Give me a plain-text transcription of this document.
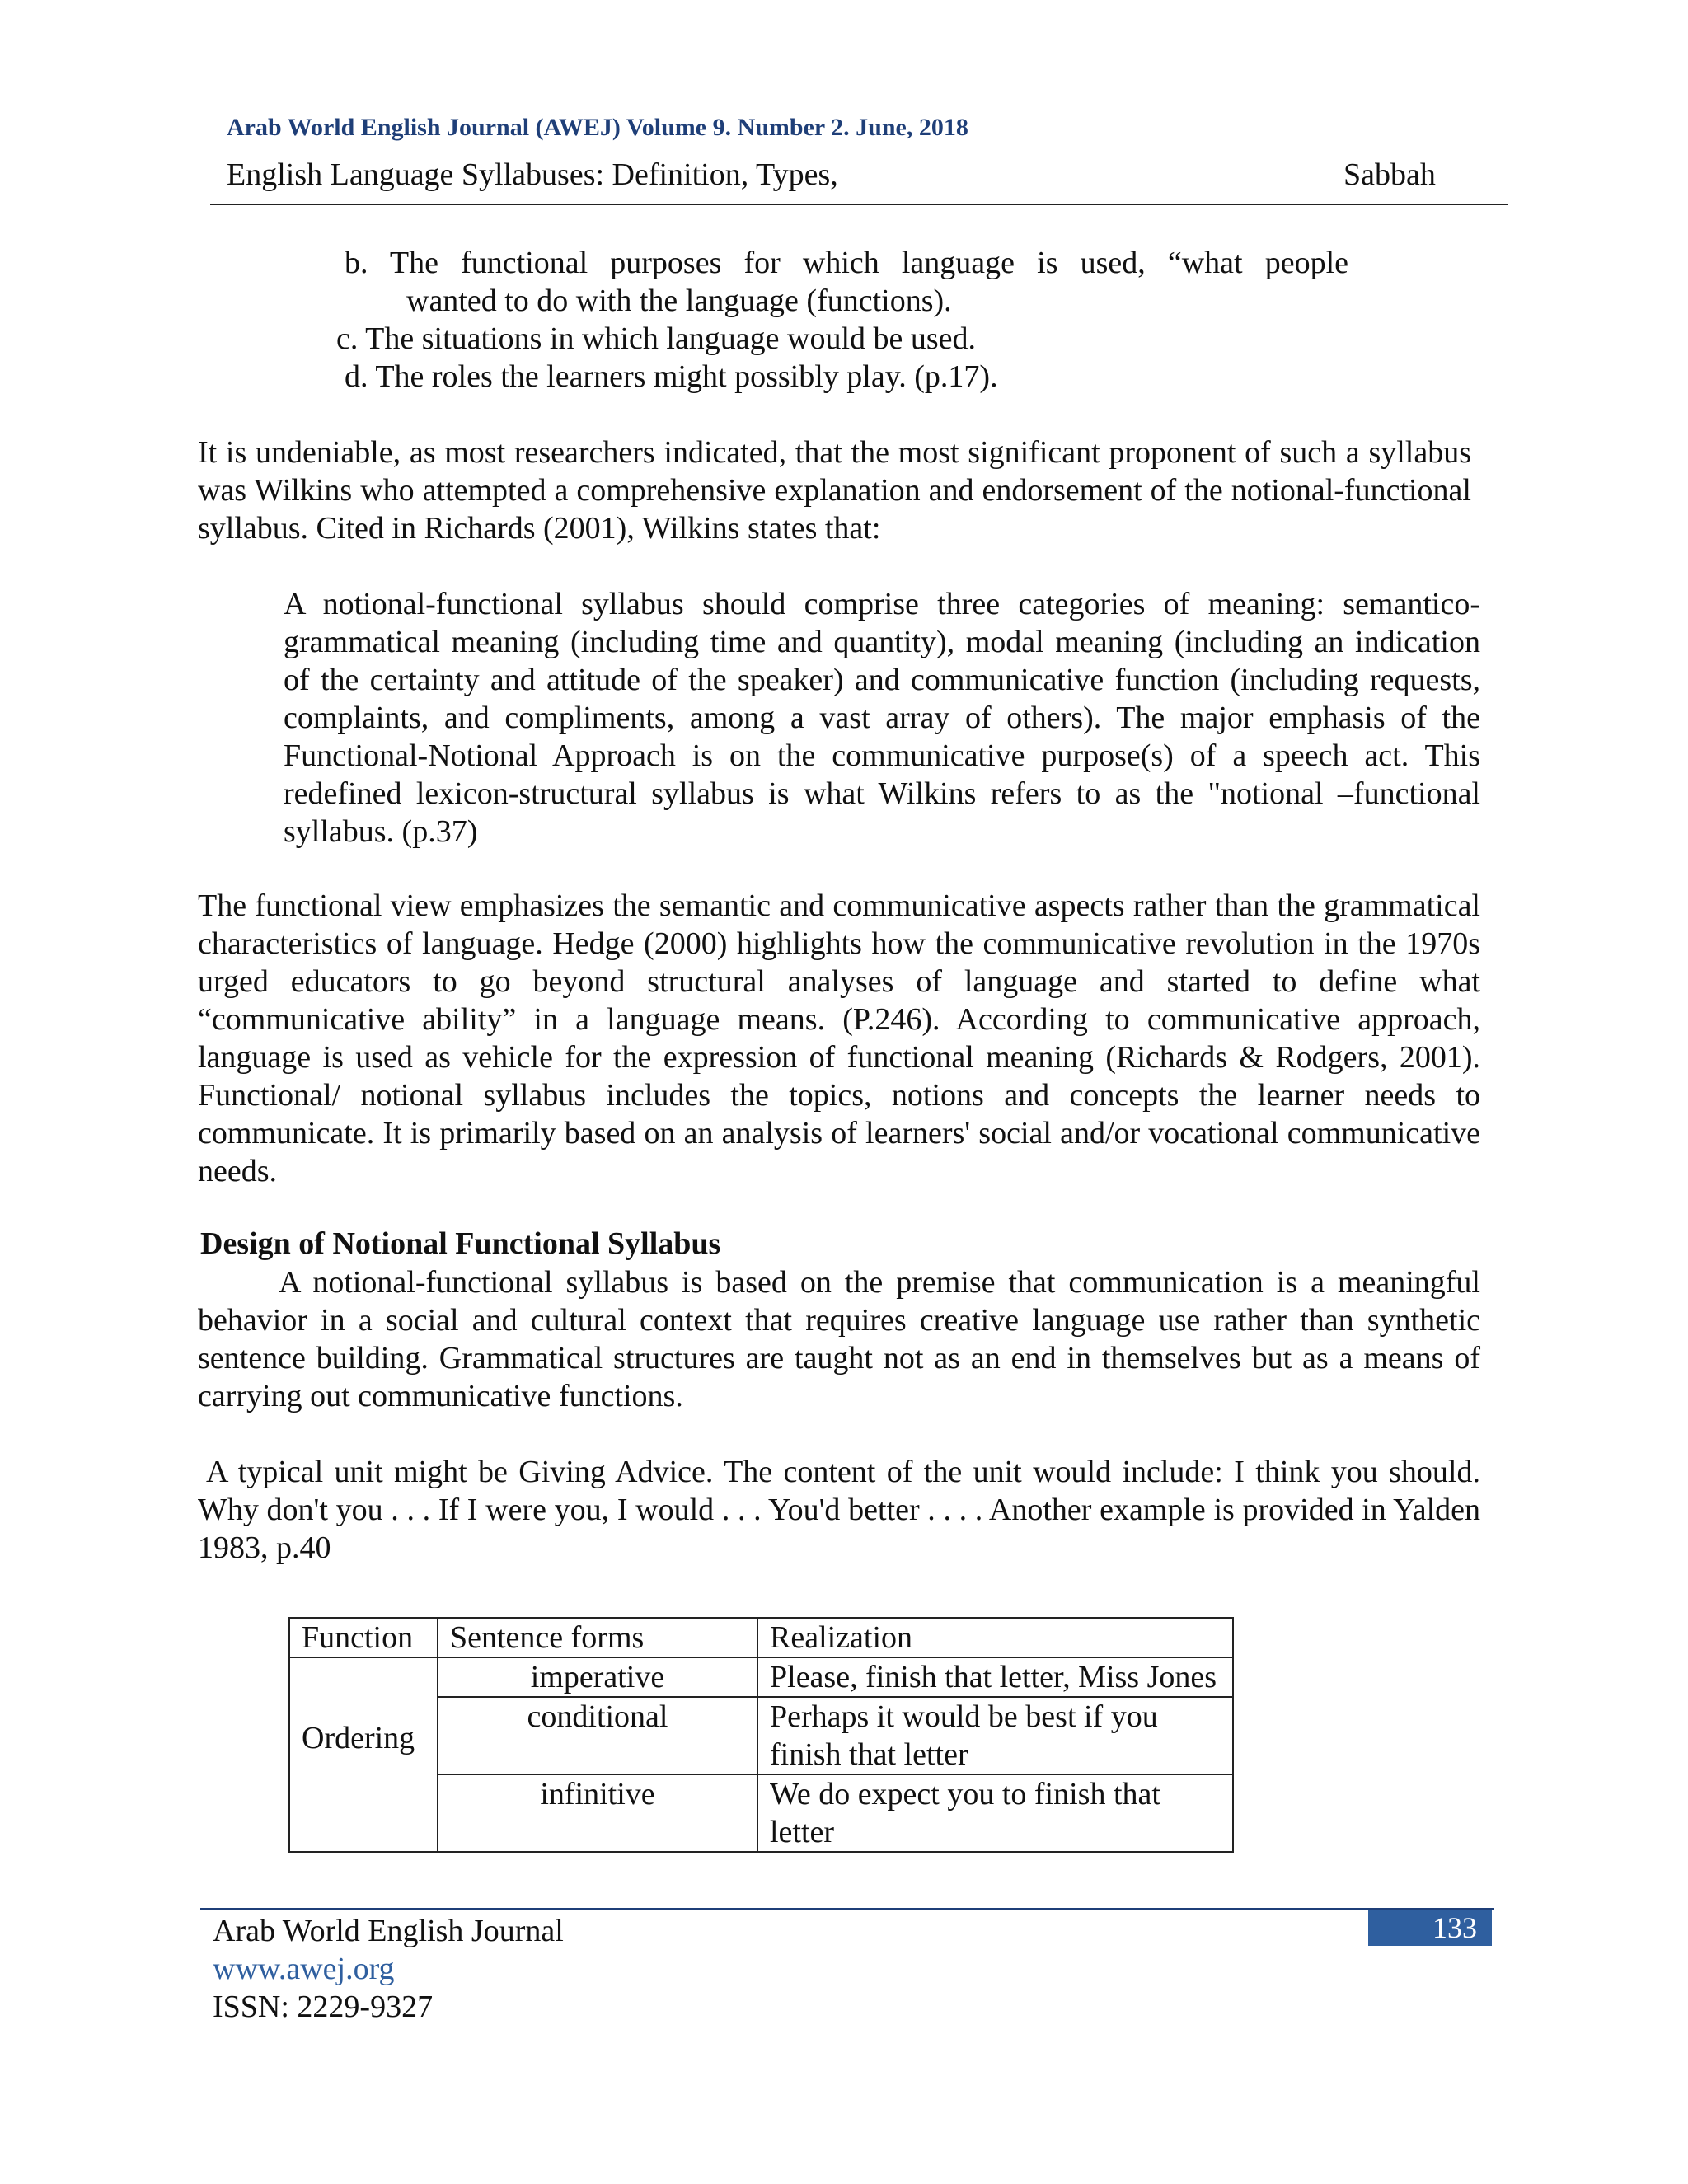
Arab World English Journal (AWEJ) Volume 9. Number 2. June, 2018
English Language Syllabuses: Definition, Types,	Sabbah
b. The functional purposes for which language is used, “what people
wanted to do with the language (functions).
c. The situations in which language would be used.
d. The roles the learners might possibly play. (p.17).

It is undeniable, as most researchers indicated, that the most significant proponent of such a syllabus was Wilkins who attempted a comprehensive explanation and endorsement of the notional-functional syllabus. Cited in Richards (2001), Wilkins states that:

A notional-functional syllabus should comprise three categories of meaning: semantico-grammatical meaning (including time and quantity), modal meaning (including an indication of the certainty and attitude of the speaker) and communicative function (including requests, complaints, and compliments, among a vast array of others). The major emphasis of the Functional-Notional Approach is on the communicative purpose(s) of a speech act. This redefined lexicon-structural syllabus is what Wilkins refers to as the "notional –functional syllabus. (p.37)

The functional view emphasizes the semantic and communicative aspects rather than the grammatical characteristics of language. Hedge (2000) highlights how the communicative revolution in the 1970s urged educators to go beyond structural analyses of language and started to define what “communicative ability” in a language means. (P.246). According to communicative approach, language is used as vehicle for the expression of functional meaning (Richards & Rodgers, 2001). Functional/ notional syllabus includes the topics, notions and concepts the learner needs to communicate. It is primarily based on an analysis of learners' social and/or vocational communicative needs.

Design of Notional Functional Syllabus

A notional-functional syllabus is based on the premise that communication is a meaningful behavior in a social and cultural context that requires creative language use rather than synthetic sentence building. Grammatical structures are taught not as an end in themselves but as a means of carrying out communicative functions.

A typical unit might be Giving Advice. The content of the unit would include: I think you should. Why don't you . . . If I were you, I would . . . You'd better . . . . Another example is provided in Yalden 1983, p.40

Function	Sentence forms	Realization
Ordering	imperative	Please, finish that letter, Miss Jones
	conditional	Perhaps it would be best if you finish that letter
	infinitive	We do expect you to finish that letter
133
Arab World English Journal
www.awej.org
ISSN: 2229-9327
